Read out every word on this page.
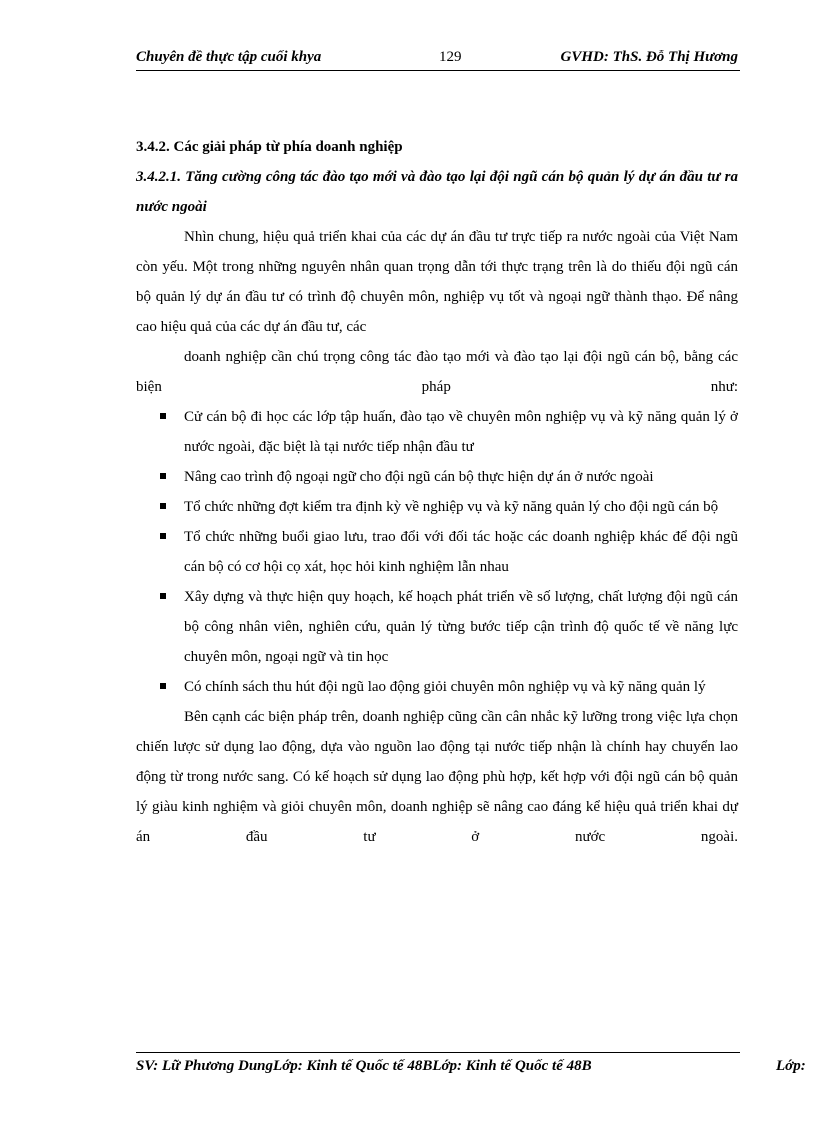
Chuyên đề thực tập cuối khya	129	GVHD: ThS. Đỗ Thị Hương
3.4.2. Các giải pháp từ phía doanh nghiệp
3.4.2.1. Tăng cường công tác đào tạo mới và đào tạo lại đội ngũ cán bộ quản lý dự án đầu tư ra nước ngoài
Nhìn chung, hiệu quả triển khai của các dự án đầu tư trực tiếp ra nước ngoài của Việt Nam còn yếu. Một trong những nguyên nhân quan trọng dẫn tới thực trạng trên là do thiếu đội ngũ cán bộ quản lý dự án đầu tư có trình độ chuyên môn, nghiệp vụ tốt và ngoại ngữ thành thạo. Để nâng cao hiệu quả của các dự án đầu tư, các
doanh nghiệp cần chú trọng công tác đào tạo mới và đào tạo lại đội ngũ cán bộ, bằng các biện pháp như:
Cử cán bộ đi học các lớp tập huấn, đào tạo về chuyên môn nghiệp vụ và kỹ năng quản lý ở nước ngoài, đặc biệt là tại nước tiếp nhận đầu tư
Nâng cao trình độ ngoại ngữ cho đội ngũ cán bộ thực hiện dự án ở nước ngoài
Tổ chức những đợt kiểm tra định kỳ về nghiệp vụ và kỹ năng quản lý cho đội ngũ cán bộ
Tổ chức những buổi giao lưu, trao đổi với đối tác hoặc các doanh nghiệp khác để đội ngũ cán bộ có cơ hội cọ xát, học hỏi kinh nghiệm lẫn nhau
Xây dựng và thực hiện quy hoạch, kế hoạch phát triển về số lượng, chất lượng đội ngũ cán bộ công nhân viên, nghiên cứu, quản lý từng bước tiếp cận trình độ quốc tế về năng lực chuyên môn, ngoại ngữ và tin học
Có chính sách thu hút đội ngũ lao động giỏi chuyên môn nghiệp vụ và kỹ năng quản lý
Bên cạnh các biện pháp trên, doanh nghiệp cũng cần cân nhắc kỹ lưỡng trong việc lựa chọn chiến lược sử dụng lao động, dựa vào nguồn lao động tại nước tiếp nhận là chính hay chuyển lao động từ trong nước sang. Có kế hoạch sử dụng lao động phù hợp, kết hợp với đội ngũ cán bộ quản lý giàu kinh nghiệm và giỏi chuyên môn, doanh nghiệp sẽ nâng cao đáng kể hiệu quả triển khai dự án đầu tư ở nước ngoài.
SV: Lữ Phương DungLớp: Kinh tế Quốc tế 48BLớp: Kinh tế Quốc tế 48B	Lớp:
